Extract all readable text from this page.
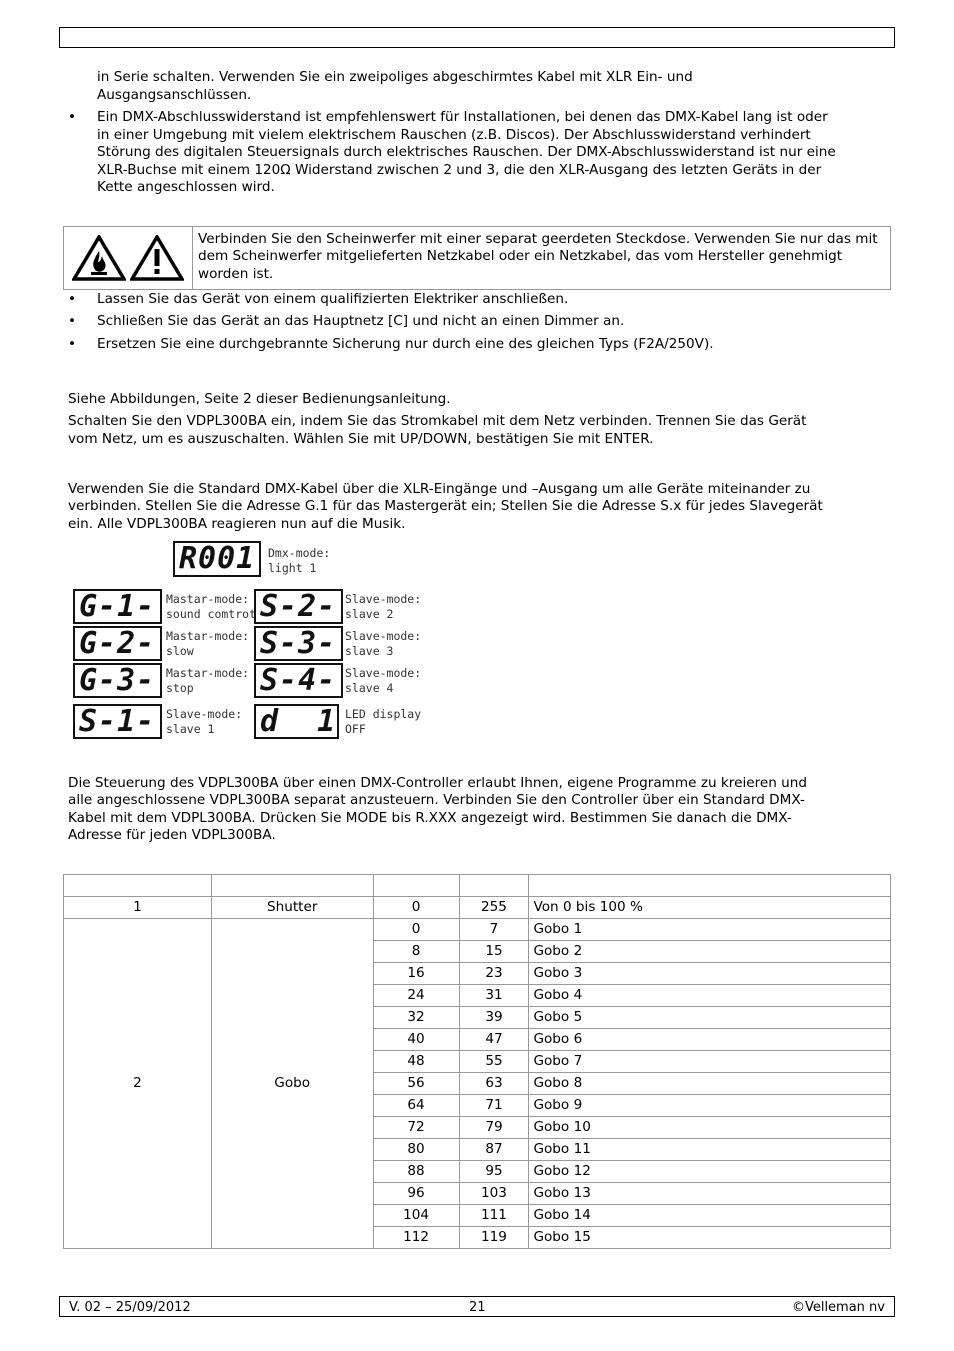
in Serie schalten. Verwenden Sie ein zweipoliges abgeschirmtes Kabel mit XLR Ein- und

Ausgangsanschlüssen.

• Ein DMX-Abschlusswiderstand ist empfehlenswert für Installationen, bei denen das DMX-Kabel lang ist oder

in einer Umgebung mit vielem elektrischem Rauschen (z.B. Discos). Der Abschlusswiderstand verhindert

Störung des digitalen Steuersignals durch elektrisches Rauschen. Der DMX-Abschlusswiderstand ist nur eine

XLR-Buchse mit einem 120Ω Widerstand zwischen 2 und 3, die den XLR-Ausgang des letzten Geräts in der

Kette angeschlossen wird.

Verbinden Sie den Scheinwerfer mit einer separat geerdeten Steckdose. Verwenden Sie nur das mit dem Scheinwerfer mitgelieferten Netzkabel oder ein Netzkabel, das vom Hersteller genehmigt worden ist.
• Lassen Sie das Gerät von einem qualifizierten Elektriker anschließen.

• Schließen Sie das Gerät an das Hauptnetz [C] und nicht an einen Dimmer an.

• Ersetzen Sie eine durchgebrannte Sicherung nur durch eine des gleichen Typs (F2A/250V).

Siehe Abbildungen, Seite 2 dieser Bedienungsanleitung.

Schalten Sie den VDPL300BA ein, indem Sie das Stromkabel mit dem Netz verbinden. Trennen Sie das Gerät

vom Netz, um es auszuschalten. Wählen Sie mit UP/DOWN, bestätigen Sie mit ENTER.

Verwenden Sie die Standard DMX-Kabel über die XLR-Eingänge und –Ausgang um alle Geräte miteinander zu

verbinden. Stellen Sie die Adresse G.1 für das Mastergerät ein; Stellen Sie die Adresse S.x für jedes Slavegerät

ein. Alle VDPL300BA reagieren nun auf die Musik.

R001	Dmx-mode:
light 1
G-1- Mastar-mode:
sound comtrot S-2- Slave-mode:
slave 2
G-2- Mastar-mode:
slow	S-3- Slave-mode:
slave 3
G-3- Mastar-mode:
stop	S-4- Slave-mode:
slave 4
S-1- Slave-mode:
slave 1	d  1 LED display
OFF

Die Steuerung des VDPL300BA über einen DMX-Controller erlaubt Ihnen, eigene Programme zu kreieren und

alle angeschlossene VDPL300BA separat anzusteuern. Verbinden Sie den Controller über ein Standard DMX-

Kabel mit dem VDPL300BA. Drücken Sie MODE bis R.XXX angezeigt wird. Bestimmen Sie danach die DMX-

Adresse für jeden VDPL300BA.

1	Shutter	0	255	Von 0 bis 100 %
2	Gobo	0	7	Gobo 1
		8	15	Gobo 2
		16	23	Gobo 3
		24	31	Gobo 4
		32	39	Gobo 5
		40	47	Gobo 6
		48	55	Gobo 7
		56	63	Gobo 8
		64	71	Gobo 9
		72	79	Gobo 10
		80	87	Gobo 11
		88	95	Gobo 12
		96	103	Gobo 13
		104	111	Gobo 14
		112	119	Gobo 15
V. 02 – 25/09/2012	21	©Velleman nv
